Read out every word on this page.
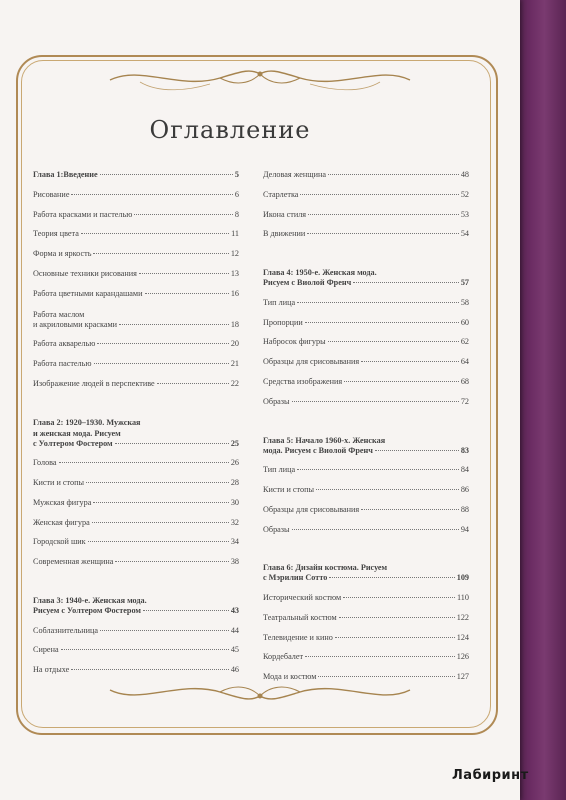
Оглавление
Глава 1: Введение	5
Рисование	6
Работа красками и пастелью	8
Теория цвета	11
Форма и яркость	12
Основные техники рисования	13
Работа цветными карандашами	16
Работа маслом
и акриловыми красками	18
Работа акварелью	20
Работа пастелью	21
Изображение людей в перспективе	22
Глава 2: 1920–1930. Мужская
и женская мода. Рисуем
с Уолтером Фостером	25
Голова	26
Кисти и стопы	28
Мужская фигура	30
Женская фигура	32
Городской шик	34
Современная женщина	38
Глава 3: 1940-е. Женская мода.
Рисуем с Уолтером Фостером	43
Соблазнительница	44
Сирена	45
На отдыхе	46
Деловая женщина	48
Старлетка	52
Икона стиля	53
В движении	54
Глава 4: 1950-е. Женская мода.
Рисуем с Виолой Френч	57
Тип лица	58
Пропорции	60
Набросок фигуры	62
Образцы для срисовывания	64
Средства изображения	68
Образы	72
Глава 5: Начало 1960-х. Женская
мода. Рисуем с Виолой Френч	83
Тип лица	84
Кисти и стопы	86
Образцы для срисовывания	88
Образы	94
Глава 6: Дизайн костюма. Рисуем
с Мэрилин Сотто	109
Исторический костюм	110
Театральный костюм	122
Телевидение и кино	124
Кордебалет	126
Мода и костюм	127
Лабиринт
